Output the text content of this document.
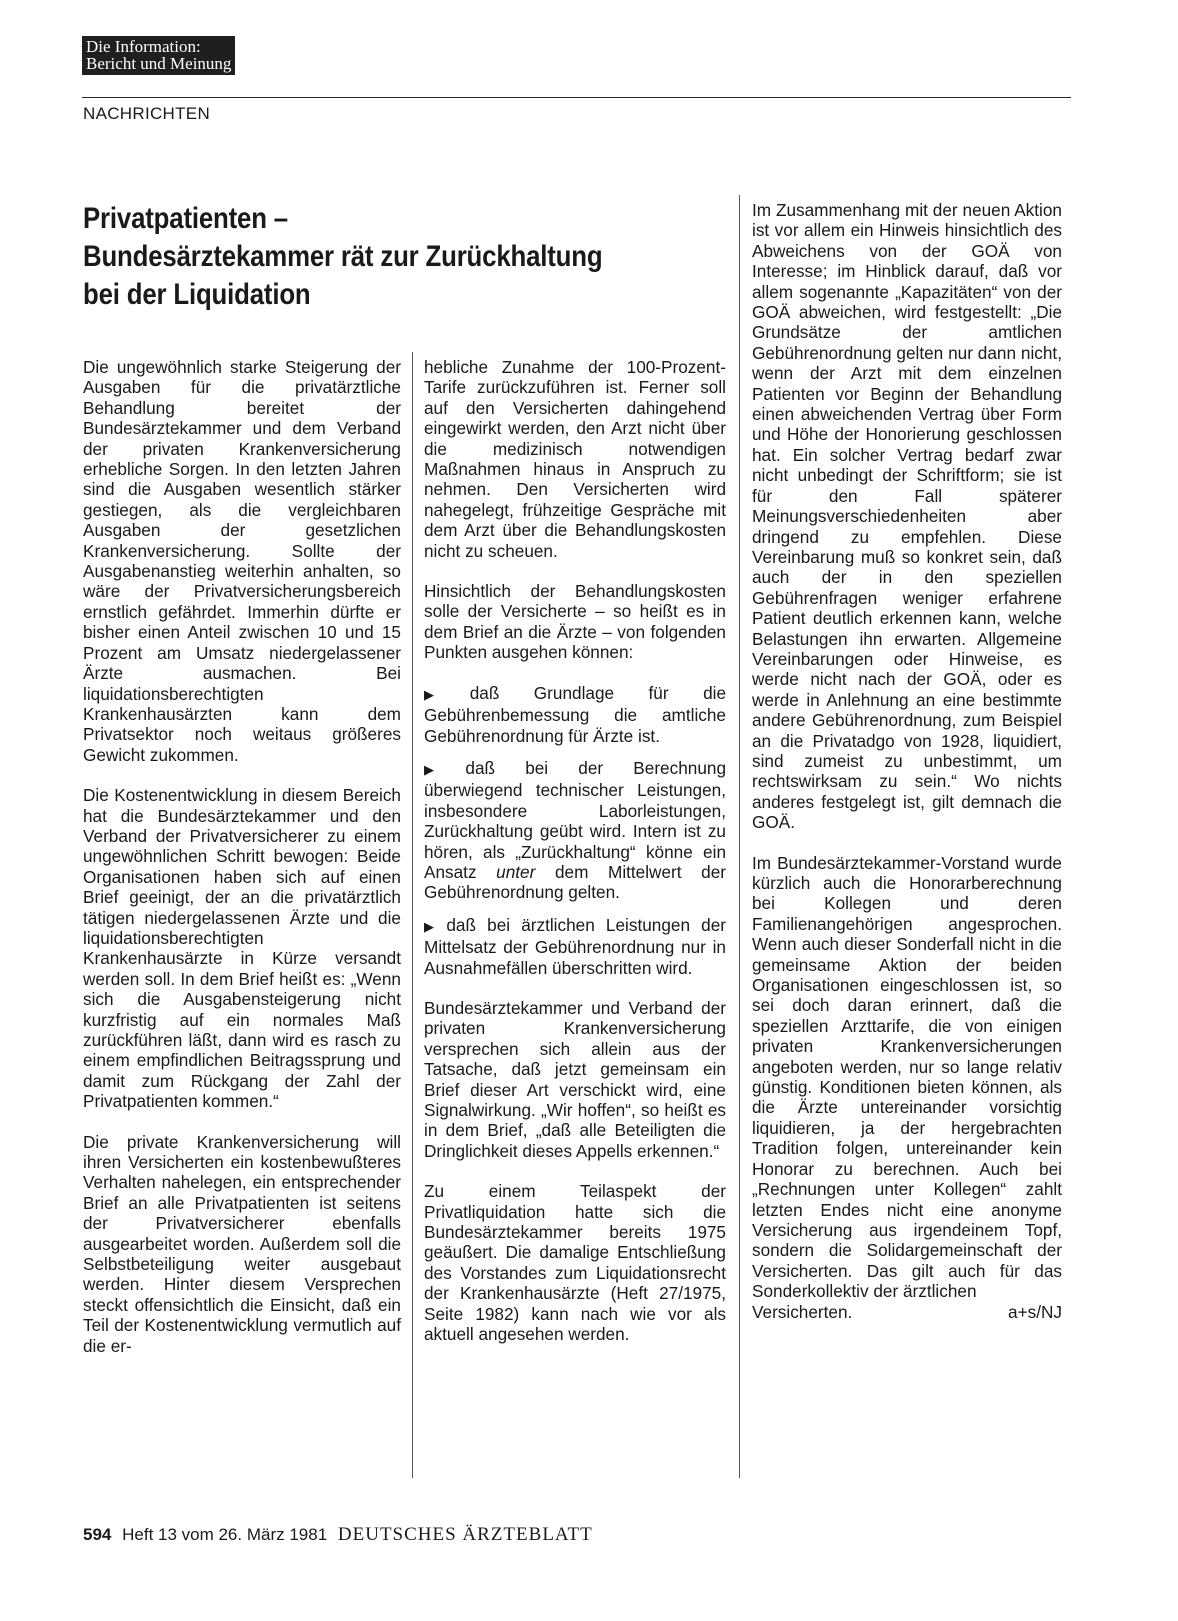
Die Information:
Bericht und Meinung
NACHRICHTEN
Privatpatienten –
Bundesärztekammer rät zur Zurückhaltung
bei der Liquidation

Die ungewöhnlich starke Steigerung der Ausgaben für die privatärztliche Behandlung bereitet der Bundesärztekammer und dem Verband der privaten Krankenversicherung erhebliche Sorgen. In den letzten Jahren sind die Ausgaben wesentlich stärker gestiegen, als die vergleichbaren Ausgaben der gesetzlichen Krankenversicherung. Sollte der Ausgabenanstieg weiterhin anhalten, so wäre der Privatversicherungsbereich ernstlich gefährdet. Immerhin dürfte er bisher einen Anteil zwischen 10 und 15 Prozent am Umsatz niedergelassener Ärzte ausmachen. Bei liquidationsberechtigten Krankenhausärzten kann dem Privatsektor noch weitaus größeres Gewicht zukommen.

Die Kostenentwicklung in diesem Bereich hat die Bundesärztekammer und den Verband der Privatversicherer zu einem ungewöhnlichen Schritt bewogen: Beide Organisationen haben sich auf einen Brief geeinigt, der an die privatärztlich tätigen niedergelassenen Ärzte und die liquidationsberechtigten Krankenhausärzte in Kürze versandt werden soll. In dem Brief heißt es: „Wenn sich die Ausgabensteigerung nicht kurzfristig auf ein normales Maß zurückführen läßt, dann wird es rasch zu einem empfindlichen Beitragssprung und damit zum Rückgang der Zahl der Privatpatienten kommen.“

Die private Krankenversicherung will ihren Versicherten ein kostenbewußteres Verhalten nahelegen, ein entsprechender Brief an alle Privatpatienten ist seitens der Privatversicherer ebenfalls ausgearbeitet worden. Außerdem soll die Selbstbeteiligung weiter ausgebaut werden. Hinter diesem Versprechen steckt offensichtlich die Einsicht, daß ein Teil der Kostenentwicklung vermutlich auf die er-

hebliche Zunahme der 100-Prozent-Tarife zurückzuführen ist. Ferner soll auf den Versicherten dahingehend eingewirkt werden, den Arzt nicht über die medizinisch notwendigen Maßnahmen hinaus in Anspruch zu nehmen. Den Versicherten wird nahegelegt, frühzeitige Gespräche mit dem Arzt über die Behandlungskosten nicht zu scheuen.

Hinsichtlich der Behandlungskosten solle der Versicherte – so heißt es in dem Brief an die Ärzte – von folgenden Punkten ausgehen können:

▶ daß Grundlage für die Gebührenbemessung die amtliche Gebührenordnung für Ärzte ist.

▶ daß bei der Berechnung überwiegend technischer Leistungen, insbesondere Laborleistungen, Zurückhaltung geübt wird. Intern ist zu hören, als „Zurückhaltung“ könne ein Ansatz unter dem Mittelwert der Gebührenordnung gelten.

▶ daß bei ärztlichen Leistungen der Mittelsatz der Gebührenordnung nur in Ausnahmefällen überschritten wird.

Bundesärztekammer und Verband der privaten Krankenversicherung versprechen sich allein aus der Tatsache, daß jetzt gemeinsam ein Brief dieser Art verschickt wird, eine Signalwirkung. „Wir hoffen“, so heißt es in dem Brief, „daß alle Beteiligten die Dringlichkeit dieses Appells erkennen.“

Zu einem Teilaspekt der Privatliquidation hatte sich die Bundesärztekammer bereits 1975 geäußert. Die damalige Entschließung des Vorstandes zum Liquidationsrecht der Krankenhausärzte (Heft 27/1975, Seite 1982) kann nach wie vor als aktuell angesehen werden.

Im Zusammenhang mit der neuen Aktion ist vor allem ein Hinweis hinsichtlich des Abweichens von der GOÄ von Interesse; im Hinblick darauf, daß vor allem sogenannte „Kapazitäten“ von der GOÄ abweichen, wird festgestellt: „Die Grundsätze der amtlichen Gebührenordnung gelten nur dann nicht, wenn der Arzt mit dem einzelnen Patienten vor Beginn der Behandlung einen abweichenden Vertrag über Form und Höhe der Honorierung geschlossen hat. Ein solcher Vertrag bedarf zwar nicht unbedingt der Schriftform; sie ist für den Fall späterer Meinungsverschiedenheiten aber dringend zu empfehlen. Diese Vereinbarung muß so konkret sein, daß auch der in den speziellen Gebührenfragen weniger erfahrene Patient deutlich erkennen kann, welche Belastungen ihn erwarten. Allgemeine Vereinbarungen oder Hinweise, es werde nicht nach der GOÄ, oder es werde in Anlehnung an eine bestimmte andere Gebührenordnung, zum Beispiel an die Privatadgo von 1928, liquidiert, sind zumeist zu unbestimmt, um rechtswirksam zu sein.“ Wo nichts anderes festgelegt ist, gilt demnach die GOÄ.

Im Bundesärztekammer-Vorstand wurde kürzlich auch die Honorarberechnung bei Kollegen und deren Familienangehörigen angesprochen. Wenn auch dieser Sonderfall nicht in die gemeinsame Aktion der beiden Organisationen eingeschlossen ist, so sei doch daran erinnert, daß die speziellen Arzttarife, die von einigen privaten Krankenversicherungen angeboten werden, nur so lange relativ günstig. Konditionen bieten können, als die Ärzte untereinander vorsichtig liquidieren, ja der hergebrachten Tradition folgen, untereinander kein Honorar zu berechnen. Auch bei „Rechnungen unter Kollegen“ zahlt letzten Endes nicht eine anonyme Versicherung aus irgendeinem Topf, sondern die Solidargemeinschaft der Versicherten. Das gilt auch für das Sonderkollektiv der ärztlichen

Versicherten.	a+s/NJ
594 Heft 13 vom 26. März 1981 DEUTSCHES ÄRZTEBLATT
